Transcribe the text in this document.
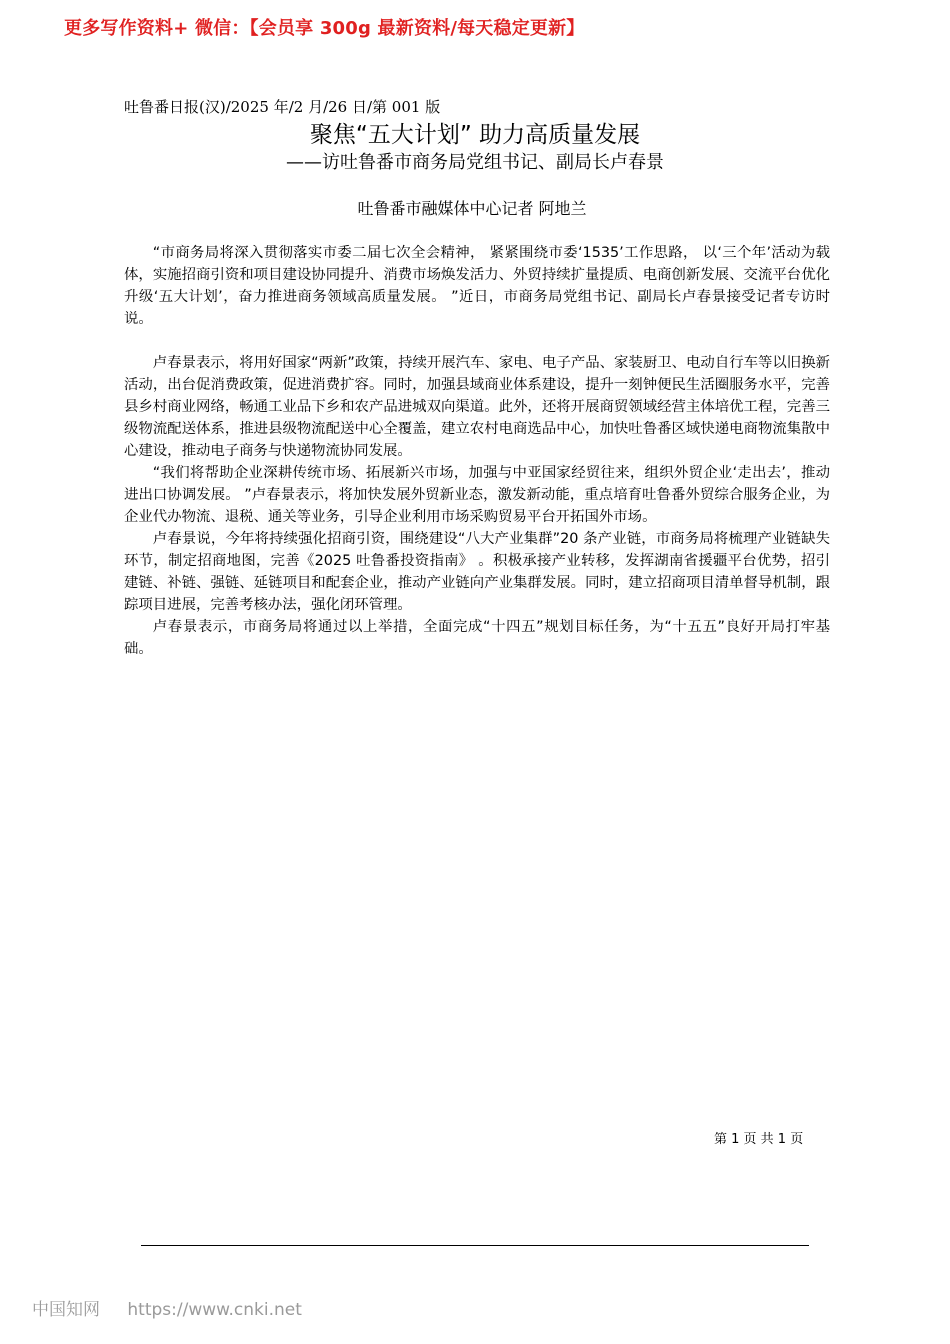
更多写作资料+ 微信：【会员享 300g 最新资料/每天稳定更新】
吐鲁番日报(汉)/2025 年/2 月/26 日/第 001 版
聚焦“五大计划” 助力高质量发展
——访吐鲁番市商务局党组书记、副局长卢春景
吐鲁番市融媒体中心记者 阿地兰

“市商务局将深入贯彻落实市委二届七次全会精神， 紧紧围绕市委‘1535’工作思路， 以‘三个年’活动为载体，实施招商引资和项目建设协同提升、消费市场焕发活力、外贸持续扩量提质、电商创新发展、交流平台优化升级‘五大计划’，奋力推进商务领域高质量发展。 ”近日，市商务局党组书记、副局长卢春景接受记者专访时说。

卢春景表示，将用好国家“两新”政策，持续开展汽车、家电、电子产品、家装厨卫、电动自行车等以旧换新活动，出台促消费政策，促进消费扩容。同时，加强县域商业体系建设，提升一刻钟便民生活圈服务水平，完善县乡村商业网络，畅通工业品下乡和农产品进城双向渠道。此外，还将开展商贸领域经营主体培优工程，完善三级物流配送体系，推进县级物流配送中心全覆盖，建立农村电商选品中心，加快吐鲁番区域快递电商物流集散中心建设，推动电子商务与快递物流协同发展。

“我们将帮助企业深耕传统市场、拓展新兴市场，加强与中亚国家经贸往来，组织外贸企业‘走出去’，推动进出口协调发展。 ”卢春景表示，将加快发展外贸新业态，激发新动能，重点培育吐鲁番外贸综合服务企业，为企业代办物流、退税、通关等业务，引导企业利用市场采购贸易平台开拓国外市场。

卢春景说，今年将持续强化招商引资，围绕建设“八大产业集群”20 条产业链，市商务局将梳理产业链缺失环节，制定招商地图，完善《2025 吐鲁番投资指南》 。积极承接产业转移，发挥湖南省援疆平台优势，招引建链、补链、强链、延链项目和配套企业，推动产业链向产业集群发展。同时，建立招商项目清单督导机制，跟踪项目进展，完善考核办法，强化闭环管理。

卢春景表示，市商务局将通过以上举措，全面完成“十四五”规划目标任务，为“十五五”良好开局打牢基础。

第 1 页 共 1 页
中国知网 https://www.cnki.net
